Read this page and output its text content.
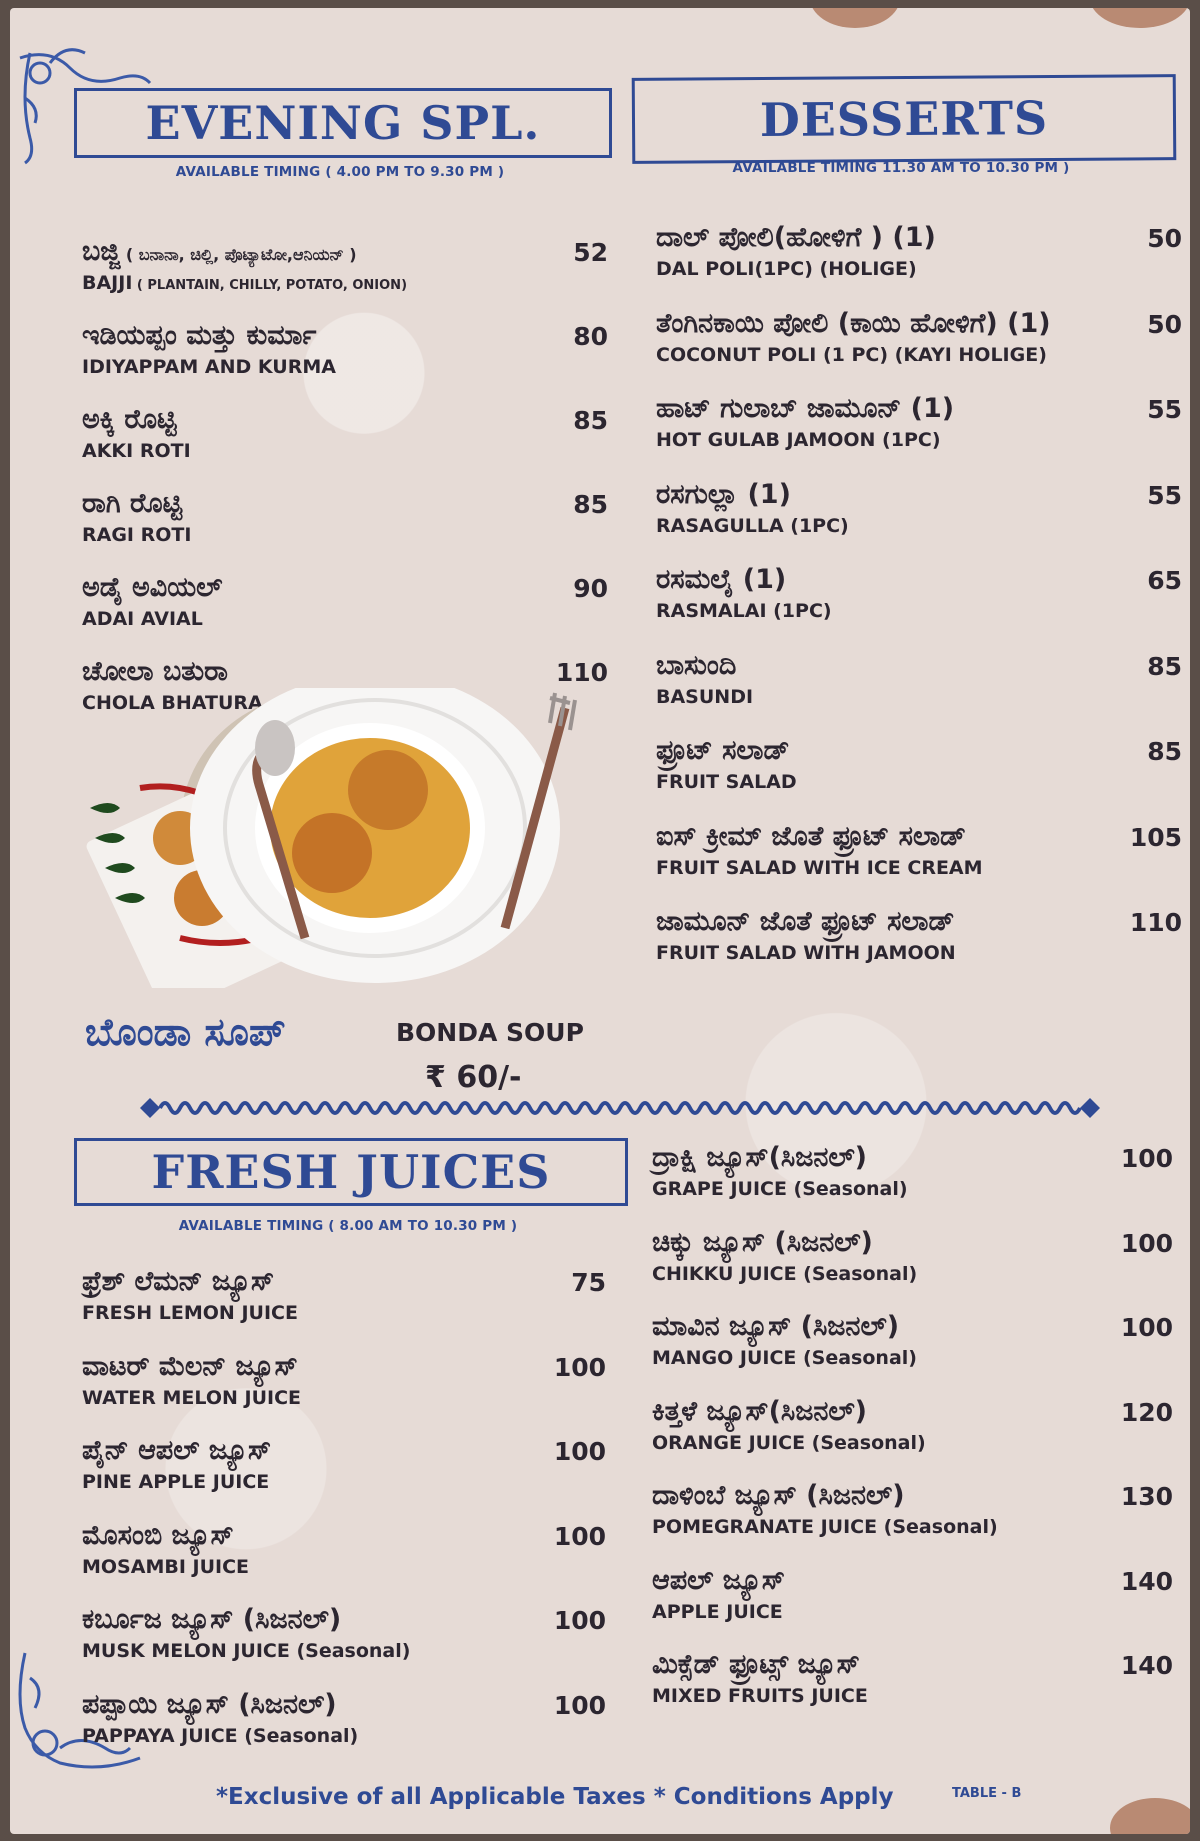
EVENING SPL.
AVAILABLE TIMING ( 4.00 PM TO 9.30 PM )
ಬಜ್ಜಿ ( ಬನಾನಾ, ಚಿಲ್ಲಿ, ಪೊಟ್ಯಾಟೋ,ಆನಿಯನ್ )
BAJJI ( PLANTAIN, CHILLY, POTATO, ONION)
52
ಇಡಿಯಪ್ಪಂ ಮತ್ತು ಕುರ್ಮಾ
IDIYAPPAM AND KURMA
80
ಅಕ್ಕಿ ರೊಟ್ಟಿ
AKKI ROTI
85
ರಾಗಿ ರೊಟ್ಟಿ
RAGI ROTI
85
ಅಡೈ ಅವಿಯಲ್
ADAI AVIAL
90
ಚೋಲಾ ಬತುರಾ
CHOLA BHATURA
110
DESSERTS
AVAILABLE TIMING 11.30 AM TO 10.30 PM )
ದಾಲ್ ಪೋಲಿ(ಹೋಳಿಗೆ ) (1)
DAL POLI(1PC) (HOLIGE)
50
ತೆಂಗಿನಕಾಯಿ ಪೋಲಿ (ಕಾಯಿ ಹೋಳಿಗೆ) (1)
COCONUT POLI (1 PC) (KAYI HOLIGE)
50
ಹಾಟ್ ಗುಲಾಬ್ ಜಾಮೂನ್ (1)
HOT GULAB JAMOON (1PC)
55
ರಸಗುಲ್ಲಾ (1)
RASAGULLA (1PC)
55
ರಸಮಲೈ (1)
RASMALAI (1PC)
65
ಬಾಸುಂದಿ
BASUNDI
85
ಫ್ರೂಟ್ ಸಲಾಡ್
FRUIT SALAD
85
ಐಸ್ ಕ್ರೀಮ್ ಜೊತೆ ಫ್ರೂಟ್ ಸಲಾಡ್
FRUIT SALAD WITH ICE CREAM
105
ಜಾಮೂನ್ ಜೊತೆ ಫ್ರೂಟ್ ಸಲಾಡ್
FRUIT SALAD WITH JAMOON
110
ಬೊಂಡಾ ಸೂಪ್	BONDA SOUP
₹ 60/-
FRESH JUICES
AVAILABLE TIMING ( 8.00 AM TO 10.30 PM )
ಫ್ರೆಶ್ ಲೆಮನ್ ಜ್ಯೂಸ್
FRESH LEMON JUICE
75
ವಾಟರ್ ಮೆಲನ್ ಜ್ಯೂಸ್
WATER MELON JUICE
100
ಪೈನ್ ಆಪಲ್ ಜ್ಯೂಸ್
PINE APPLE JUICE
100
ಮೊಸಂಬಿ ಜ್ಯೂಸ್
MOSAMBI JUICE
100
ಕರ್ಬೂಜ ಜ್ಯೂಸ್ (ಸಿಜನಲ್)
MUSK MELON JUICE (Seasonal)
100
ಪಪ್ಪಾಯಿ ಜ್ಯೂಸ್ (ಸಿಜನಲ್)
PAPPAYA JUICE (Seasonal)
100
ದ್ರಾಕ್ಷಿ ಜ್ಯೂಸ್(ಸಿಜನಲ್)
GRAPE JUICE (Seasonal)
100
ಚಿಕ್ಕು ಜ್ಯೂಸ್ (ಸಿಜನಲ್)
CHIKKU JUICE (Seasonal)
100
ಮಾವಿನ ಜ್ಯೂಸ್ (ಸಿಜನಲ್)
MANGO JUICE (Seasonal)
100
ಕಿತ್ತಳೆ ಜ್ಯೂಸ್(ಸಿಜನಲ್)
ORANGE JUICE (Seasonal)
120
ದಾಳಿಂಬೆ ಜ್ಯೂಸ್ (ಸಿಜನಲ್)
POMEGRANATE JUICE (Seasonal)
130
ಆಪಲ್ ಜ್ಯೂಸ್
APPLE JUICE
140
ಮಿಕ್ಸೆಡ್ ಫ್ರೂಟ್ಸ್ ಜ್ಯೂಸ್
MIXED FRUITS JUICE
140
*Exclusive of all Applicable Taxes * Conditions Apply	TABLE - B
